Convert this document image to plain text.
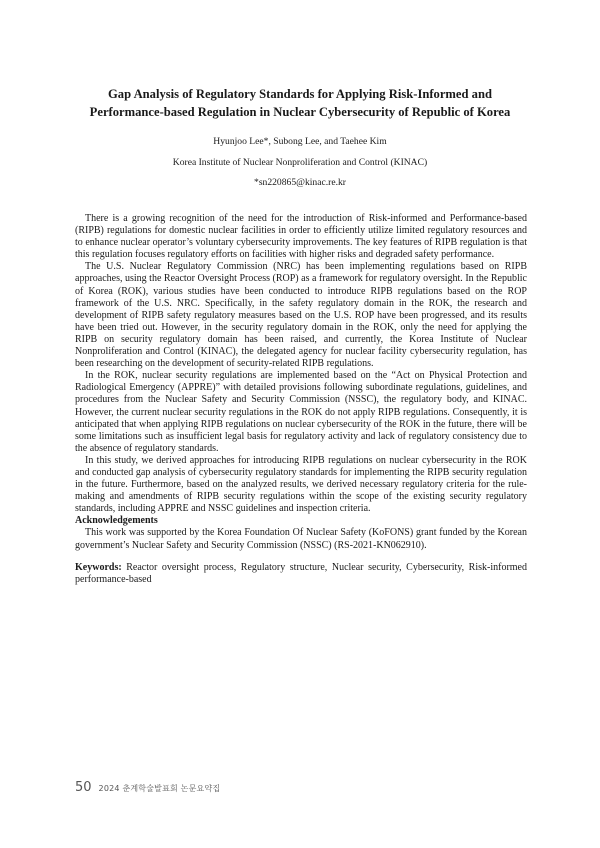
Gap Analysis of Regulatory Standards for Applying Risk-Informed and
Performance-based Regulation in Nuclear Cybersecurity of Republic of Korea
Hyunjoo Lee*, Subong Lee, and Taehee Kim
Korea Institute of Nuclear Nonproliferation and Control (KINAC)
*sn220865@kinac.re.kr

There is a growing recognition of the need for the introduction of Risk-informed and Performance-based (RIPB) regulations for domestic nuclear facilities in order to efficiently utilize limited regulatory resources and to enhance nuclear operator’s voluntary cybersecurity improvements. The key features of RIPB regulation is that this regulation focuses regulatory efforts on facilities with higher risks and degraded safety performance.

The U.S. Nuclear Regulatory Commission (NRC) has been implementing regulations based on RIPB approaches, using the Reactor Oversight Process (ROP) as a framework for regulatory oversight. In the Republic of Korea (ROK), various studies have been conducted to introduce RIPB regulations based on the ROP framework of the U.S. NRC. Specifically, in the safety regulatory domain in the ROK, the research and development of RIPB safety regulatory measures based on the U.S. ROP have been progressed, and its results have been tried out. However, in the security regulatory domain in the ROK, only the need for applying the RIPB on security regulatory domain has been raised, and currently, the Korea Institute of Nuclear Nonproliferation and Control (KINAC), the delegated agency for nuclear facility cybersecurity regulation, has been researching on the development of security-related RIPB regulations.

In the ROK, nuclear security regulations are implemented based on the “Act on Physical Protection and Radiological Emergency (APPRE)” with detailed provisions following subordinate regulations, guidelines, and procedures from the Nuclear Safety and Security Commission (NSSC), the regulatory body, and KINAC. However, the current nuclear security regulations in the ROK do not apply RIPB regulations. Consequently, it is anticipated that when applying RIPB regulations on nuclear cybersecurity of the ROK in the future, there will be some limitations such as insufficient legal basis for regulatory activity and lack of regulatory consistency due to the absence of regulatory standards.

In this study, we derived approaches for introducing RIPB regulations on nuclear cybersecurity in the ROK and conducted gap analysis of cybersecurity regulatory standards for implementing the RIPB security regulation in the future. Furthermore, based on the analyzed results, we derived necessary regulatory criteria for the rule-making and amendments of RIPB security regulations within the scope of the existing security regulatory standards, including APPRE and NSSC guidelines and inspection criteria.

Acknowledgements

This work was supported by the Korea Foundation Of Nuclear Safety (KoFONS) grant funded by the Korean government’s Nuclear Safety and Security Commission (NSSC) (RS-2021-KN062910).

Keywords: Reactor oversight process, Regulatory structure, Nuclear security, Cybersecurity, Risk-informed performance-based

50 2024 춘계학술발표회 논문요약집
